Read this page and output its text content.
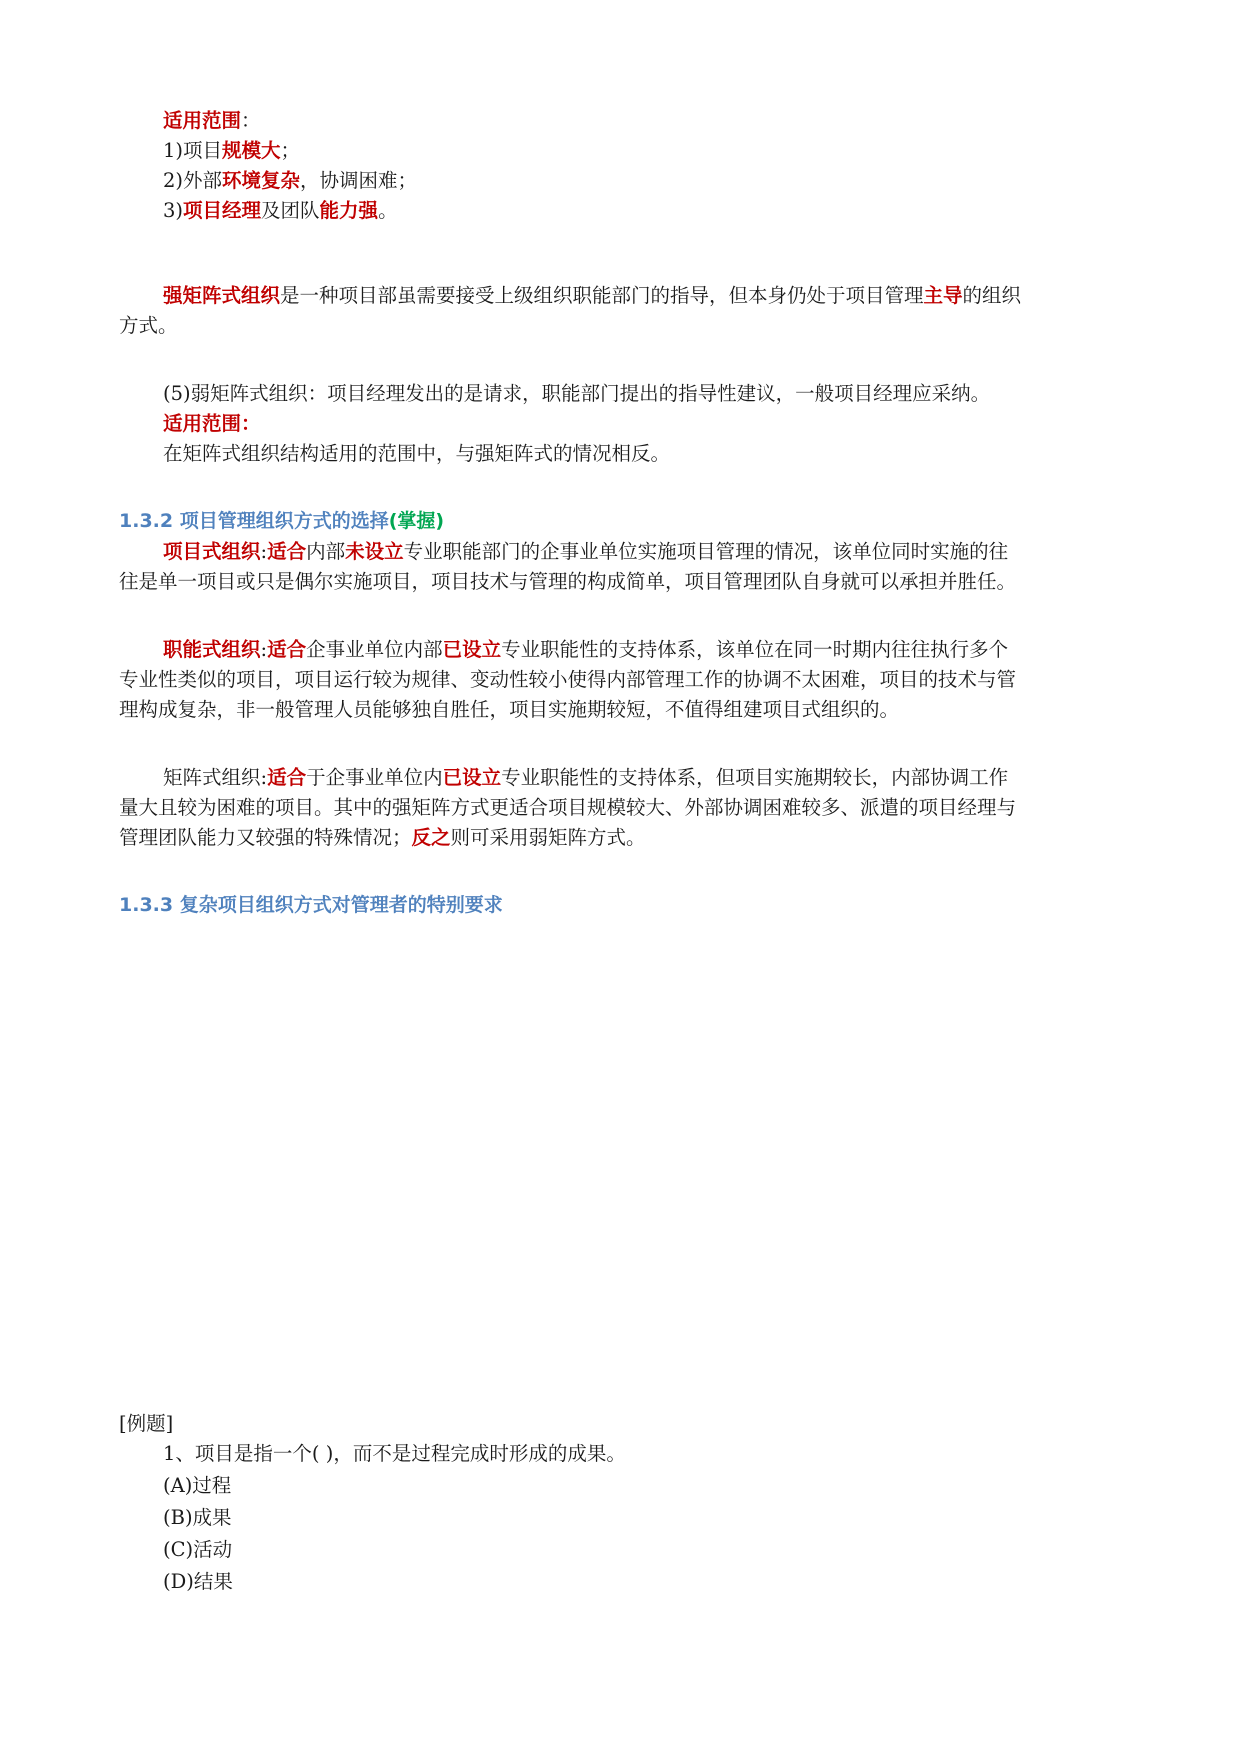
适用范围：
1)项目规模大；
2)外部环境复杂，协调困难；
3)项目经理及团队能力强。
强矩阵式组织是一种项目部虽需要接受上级组织职能部门的指导，但本身仍处于项目管理主导的组织
方式。
(5)弱矩阵式组织：项目经理发出的是请求，职能部门提出的指导性建议，一般项目经理应采纳。
适用范围：
在矩阵式组织结构适用的范围中，与强矩阵式的情况相反。
1.3.2 项目管理组织方式的选择(掌握)
项目式组织:适合内部未设立专业职能部门的企事业单位实施项目管理的情况，该单位同时实施的往
往是单一项目或只是偶尔实施项目，项目技术与管理的构成简单，项目管理团队自身就可以承担并胜任。
职能式组织:适合企事业单位内部已设立专业职能性的支持体系，该单位在同一时期内往往执行多个
专业性类似的项目，项目运行较为规律、变动性较小使得内部管理工作的协调不太困难，项目的技术与管
理构成复杂，非一般管理人员能够独自胜任，项目实施期较短，不值得组建项目式组织的。
矩阵式组织:适合于企事业单位内已设立专业职能性的支持体系，但项目实施期较长，内部协调工作
量大且较为困难的项目。其中的强矩阵方式更适合项目规模较大、外部协调困难较多、派遣的项目经理与
管理团队能力又较强的特殊情况；反之则可采用弱矩阵方式。
1.3.3 复杂项目组织方式对管理者的特别要求
[例题]
1、项目是指一个( )，而不是过程完成时形成的成果。
(A)过程
(B)成果
(C)活动
(D)结果
